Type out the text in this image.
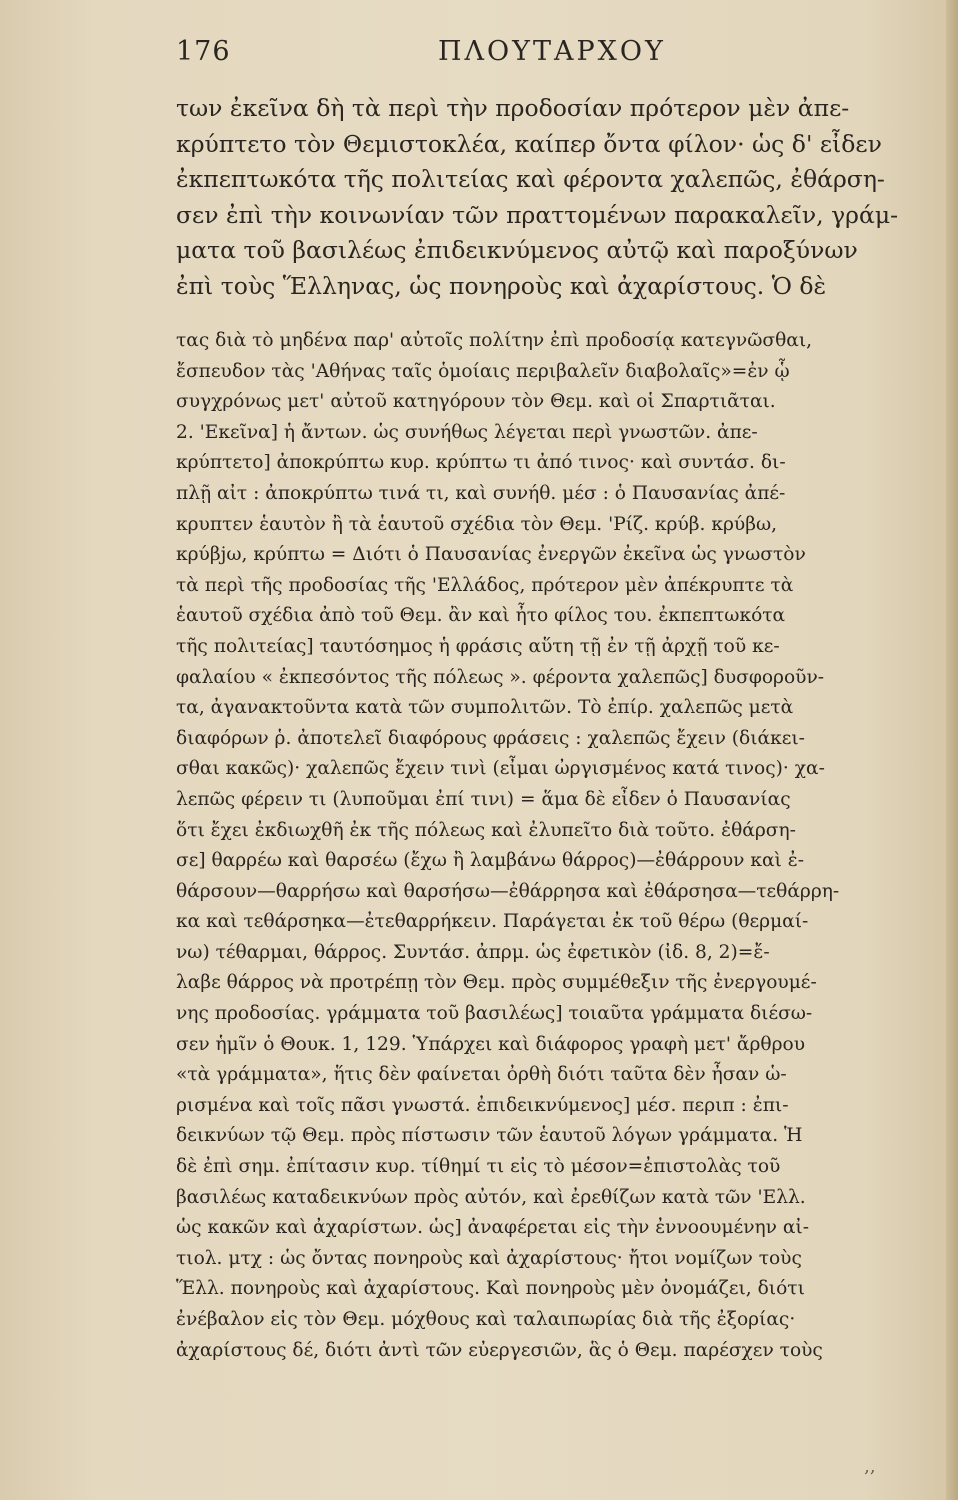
176	ΠΛΟΥΤΑΡΧΟΥ
των ἐκεῖνα δὴ τὰ περὶ τὴν προδοσίαν πρότερον μὲν ἀπε-
κρύπτετο τὸν Θεμιστοκλέα, καίπερ ὄντα φίλον· ὡς δ' εἶδεν
ἐκπεπτωκότα τῆς πολιτείας καὶ φέροντα χαλεπῶς, ἐθάρση-
σεν ἐπὶ τὴν κοινωνίαν τῶν πραττομένων παρακαλεῖν, γράμ-
ματα τοῦ βασιλέως ἐπιδεικνύμενος αὐτῷ καὶ παροξύνων
ἐπὶ τοὺς Ἕλληνας, ὡς πονηροὺς καὶ ἀχαρίστους. Ὁ δὲ
τας διὰ τὸ μηδένα παρ' αὐτοῖς πολίτην ἐπὶ προδοσίᾳ κατεγνῶσθαι,
ἔσπευδον τὰς 'Αθήνας ταῖς ὁμοίαις περιβαλεῖν διαβολαῖς»=ἐν ᾧ
συγχρόνως μετ' αὐτοῦ κατηγόρουν τὸν Θεμ. καὶ οἱ Σπαρτιᾶται.
2. 'Εκεῖνα] ἡ ἄντων. ὡς συνήθως λέγεται περὶ γνωστῶν. ἀπε-
κρύπτετο] ἀποκρύπτω κυρ. κρύπτω τι ἀπό τινος· καὶ συντάσ. δι-
πλῇ αἰτ : ἀποκρύπτω τινά τι, καὶ συνήθ. μέσ : ὁ Παυσανίας ἀπέ-
κρυπτεν ἑαυτὸν ἢ τὰ ἑαυτοῦ σχέδια τὸν Θεμ. 'Ρίζ. κρύβ. κρύβω,
κρύβjω, κρύπτω = Διότι ὁ Παυσανίας ἐνεργῶν ἐκεῖνα ὡς γνωστὸν
τὰ περὶ τῆς προδοσίας τῆς 'Ελλάδος, πρότερον μὲν ἀπέκρυπτε τὰ
ἑαυτοῦ σχέδια ἀπὸ τοῦ Θεμ. ἂν καὶ ἦτο φίλος του. ἐκπεπτωκότα
τῆς πολιτείας] ταυτόσημος ἡ φράσις αὕτη τῇ ἐν τῇ ἀρχῇ τοῦ κε-
φαλαίου « ἐκπεσόντος τῆς πόλεως ». φέροντα χαλεπῶς] δυσφοροῦν-
τα, ἀγανακτοῦντα κατὰ τῶν συμπολιτῶν. Τὸ ἐπίρ. χαλεπῶς μετὰ
διαφόρων ῥ. ἀποτελεῖ διαφόρους φράσεις : χαλεπῶς ἔχειν (διάκει-
σθαι κακῶς)· χαλεπῶς ἔχειν τινὶ (εἶμαι ὠργισμένος κατά τινος)· χα-
λεπῶς φέρειν τι (λυποῦμαι ἐπί τινι) = ἅμα δὲ εἶδεν ὁ Παυσανίας
ὅτι ἔχει ἐκδιωχθῆ ἐκ τῆς πόλεως καὶ ἐλυπεῖτο διὰ τοῦτο. ἐθάρση-
σε] θαρρέω καὶ θαρσέω (ἔχω ἢ λαμβάνω θάρρος)—ἐθάρρουν καὶ ἐ-
θάρσουν—θαρρήσω καὶ θαρσήσω—ἐθάρρησα καὶ ἐθάρσησα—τεθάρρη-
κα καὶ τεθάρσηκα—ἐτεθαρρήκειν. Παράγεται ἐκ τοῦ θέρω (θερμαί-
νω) τέθαρμαι, θάρρος. Συντάσ. ἀπρμ. ὡς ἐφετικὸν (ἰδ. 8, 2)=ἔ-
λαβε θάρρος νὰ προτρέπῃ τὸν Θεμ. πρὸς συμμέθεξιν τῆς ἐνεργουμέ-
νης προδοσίας. γράμματα τοῦ βασιλέως] τοιαῦτα γράμματα διέσω-
σεν ἡμῖν ὁ Θουκ. 1, 129. Ὑπάρχει καὶ διάφορος γραφὴ μετ' ἄρθρου
«τὰ γράμματα», ἥτις δὲν φαίνεται ὀρθὴ διότι ταῦτα δὲν ἦσαν ὡ-
ρισμένα καὶ τοῖς πᾶσι γνωστά. ἐπιδεικνύμενος] μέσ. περιπ : ἐπι-
δεικνύων τῷ Θεμ. πρὸς πίστωσιν τῶν ἑαυτοῦ λόγων γράμματα. Ἡ
δὲ ἐπὶ σημ. ἐπίτασιν κυρ. τίθημί τι εἰς τὸ μέσον=ἐπιστολὰς τοῦ
βασιλέως καταδεικνύων πρὸς αὐτόν, καὶ ἐρεθίζων κατὰ τῶν 'Ελλ.
ὡς κακῶν καὶ ἀχαρίστων. ὡς] ἀναφέρεται εἰς τὴν ἐννοουμένην αἰ-
τιολ. μτχ : ὡς ὄντας πονηροὺς καὶ ἀχαρίστους· ἤτοι νομίζων τοὺς
Ἕλλ. πονηροὺς καὶ ἀχαρίστους. Καὶ πονηροὺς μὲν ὀνομάζει, διότι
ἐνέβαλον εἰς τὸν Θεμ. μόχθους καὶ ταλαιπωρίας διὰ τῆς ἐξορίας·
ἀχαρίστους δέ, διότι ἀντὶ τῶν εὐεργεσιῶν, ἃς ὁ Θεμ. παρέσχεν τοὺς
‚‚
